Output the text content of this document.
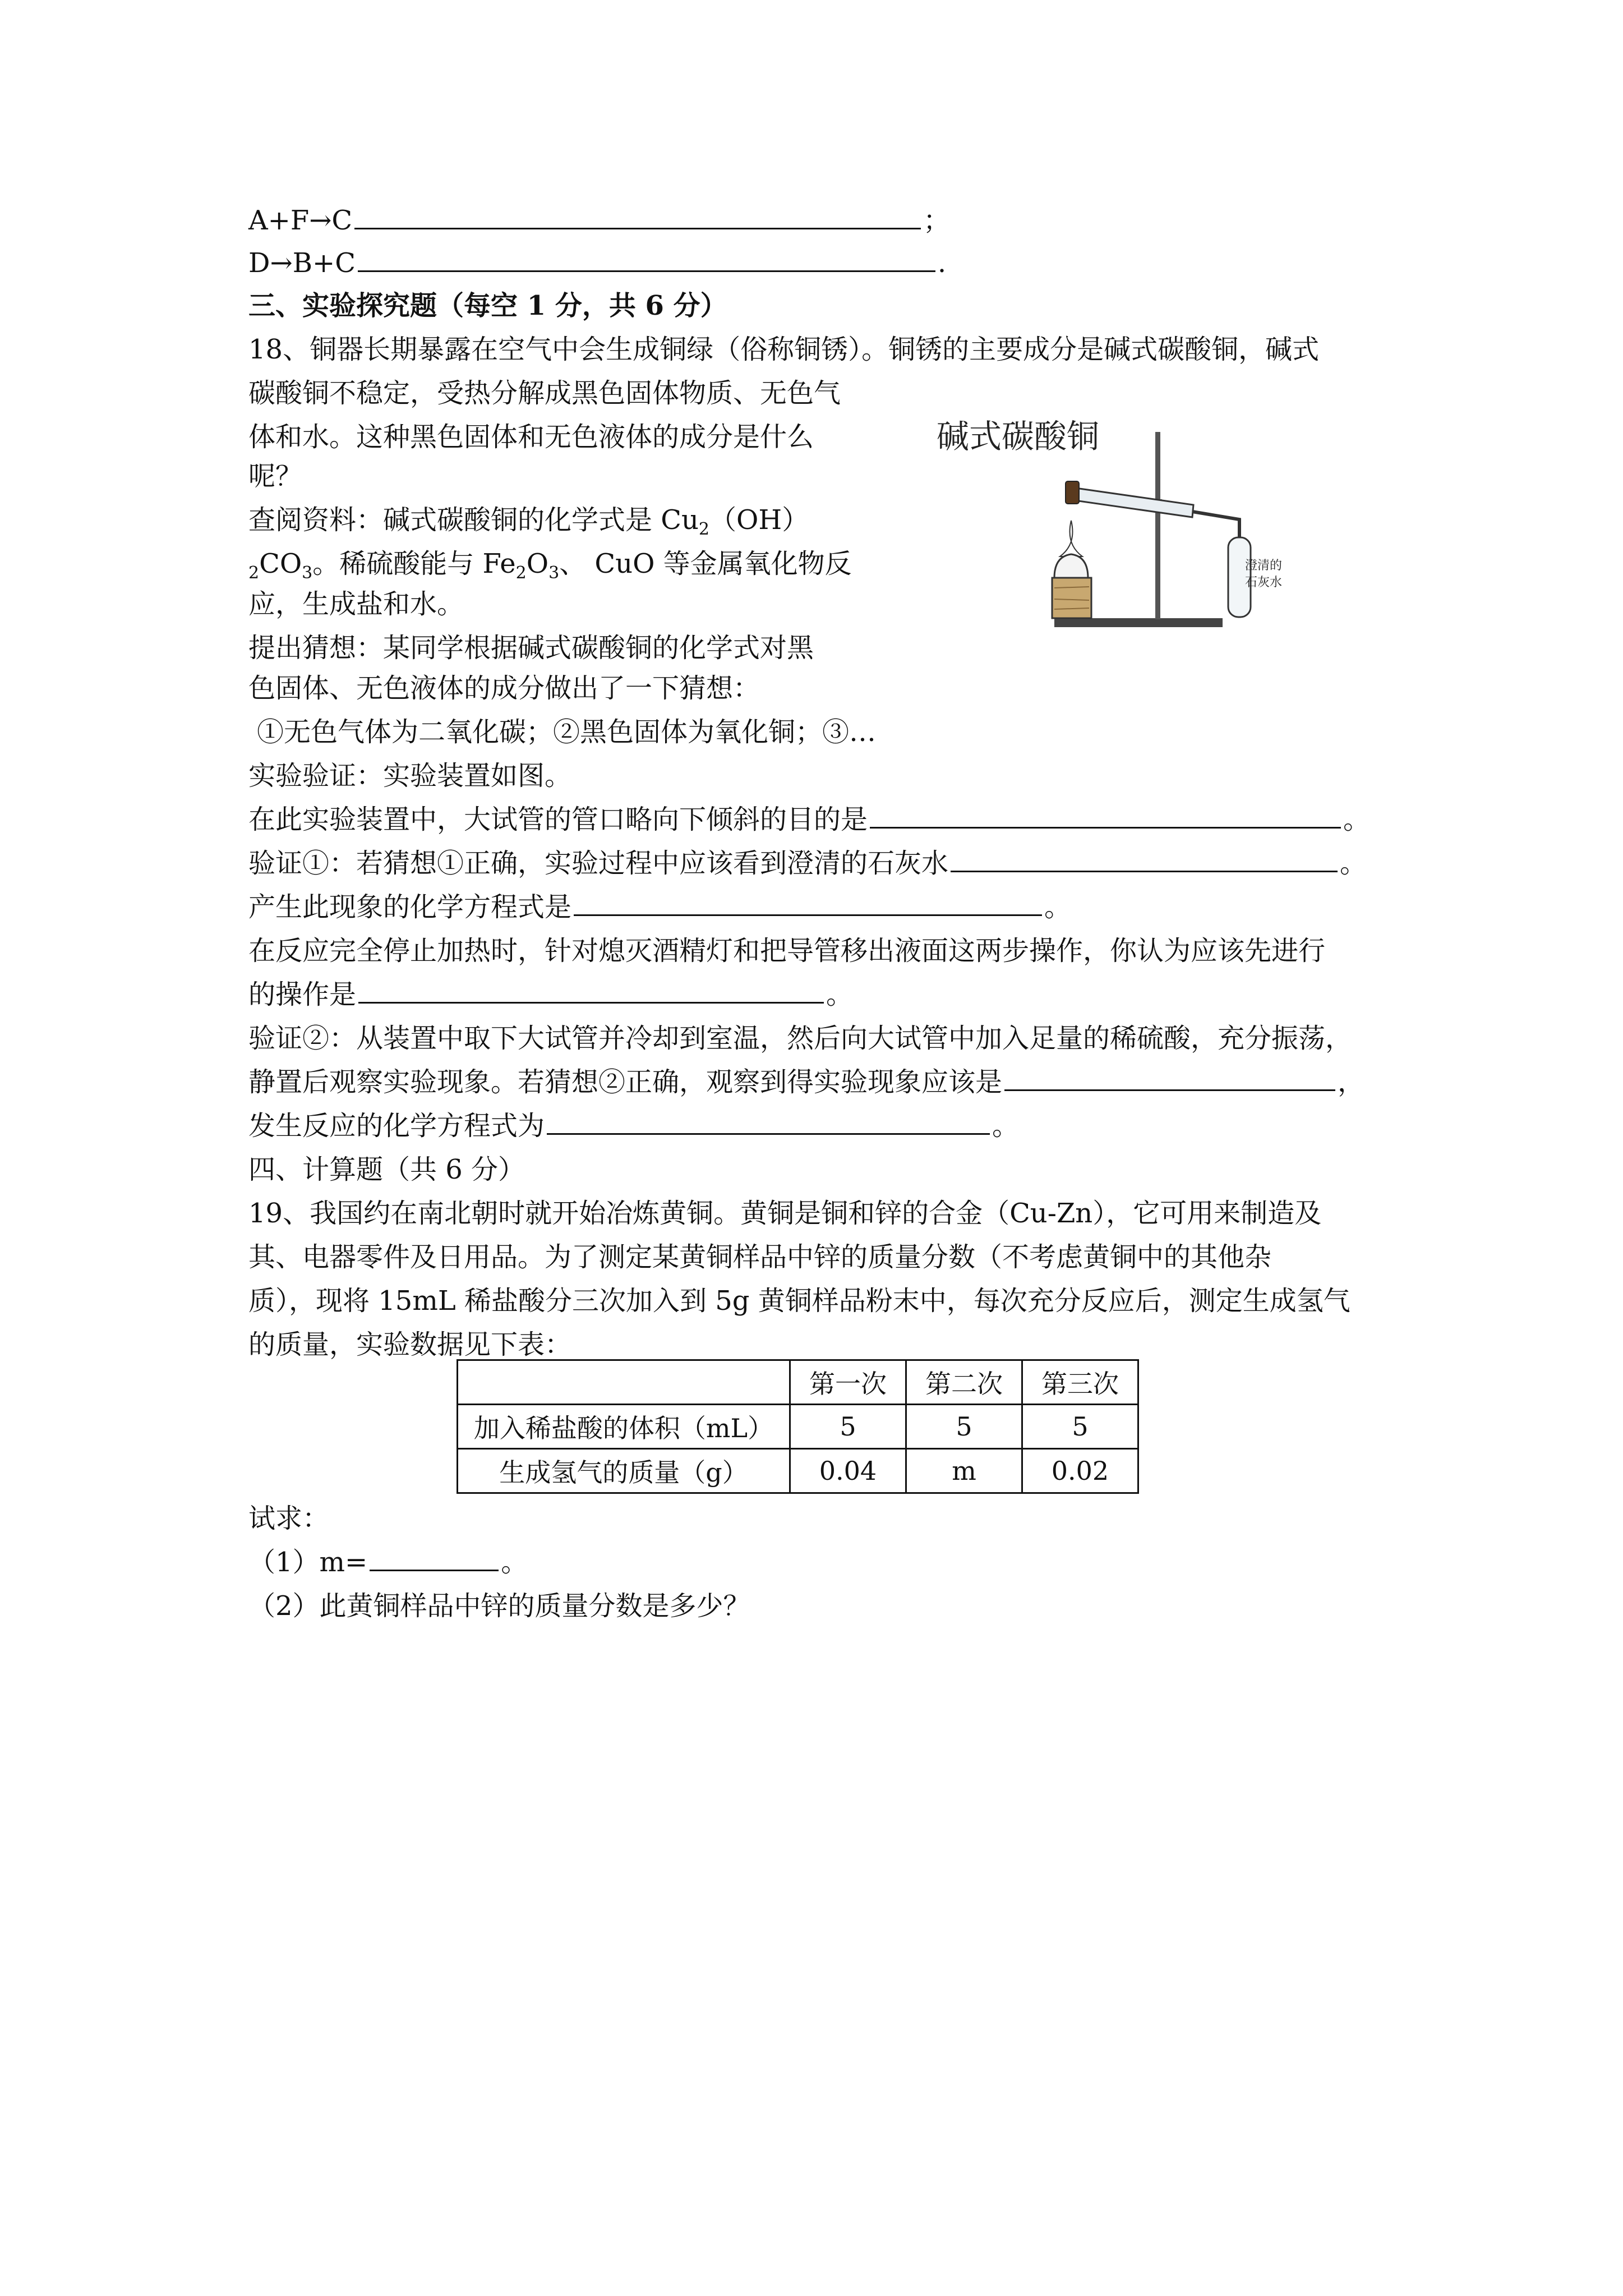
A+F→C	；
D→B+C	.
三、实验探究题（每空 1 分，共 6 分）
18、铜器长期暴露在空气中会生成铜绿（俗称铜锈）。铜锈的主要成分是碱式碳酸铜，碱式
碳酸铜不稳定，受热分解成黑色固体物质、无色气
体和水。这种黑色固体和无色液体的成分是什么
呢？
查阅资料：碱式碳酸铜的化学式是 $Cu_2(OH)$
$_2CO_3$。稀硫酸能与 $Fe_2O_3$、 CuO 等金属氧化物反
应，生成盐和水。
提出猜想：某同学根据碱式碳酸铜的化学式对黑
色固体、无色液体的成分做出了一下猜想：
①无色气体为二氧化碳；②黑色固体为氧化铜；③…
实验验证：实验装置如图。
在此实验装置中，大试管的管口略向下倾斜的目的是	。
验证①：若猜想①正确，实验过程中应该看到澄清的石灰水	。
产生此现象的化学方程式是	。
在反应完全停止加热时，针对熄灭酒精灯和把导管移出液面这两步操作，你认为应该先进行
的操作是	。
验证②：从装置中取下大试管并冷却到室温，然后向大试管中加入足量的稀硫酸，充分振荡，
静置后观察实验现象。若猜想②正确，观察到得实验现象应该是	，
发生反应的化学方程式为	。
四、计算题（共 6 分）
19、我国约在南北朝时就开始冶炼黄铜。黄铜是铜和锌的合金（Cu-Zn），它可用来制造及
其、电器零件及日用品。为了测定某黄铜样品中锌的质量分数（不考虑黄铜中的其他杂
质），现将 15mL 稀盐酸分三次加入到 5g 黄铜样品粉末中，每次充分反应后，测定生成氢气
的质量，实验数据见下表：
	第一次	第二次	第三次
加入稀盐酸的体积（mL）	5	5	5
生成氢气的质量（g）	0.04	m	0.02
试求：
（1）m=	。
（2）此黄铜样品中锌的质量分数是多少？
碱式碳酸铜
澄清的
石灰水
